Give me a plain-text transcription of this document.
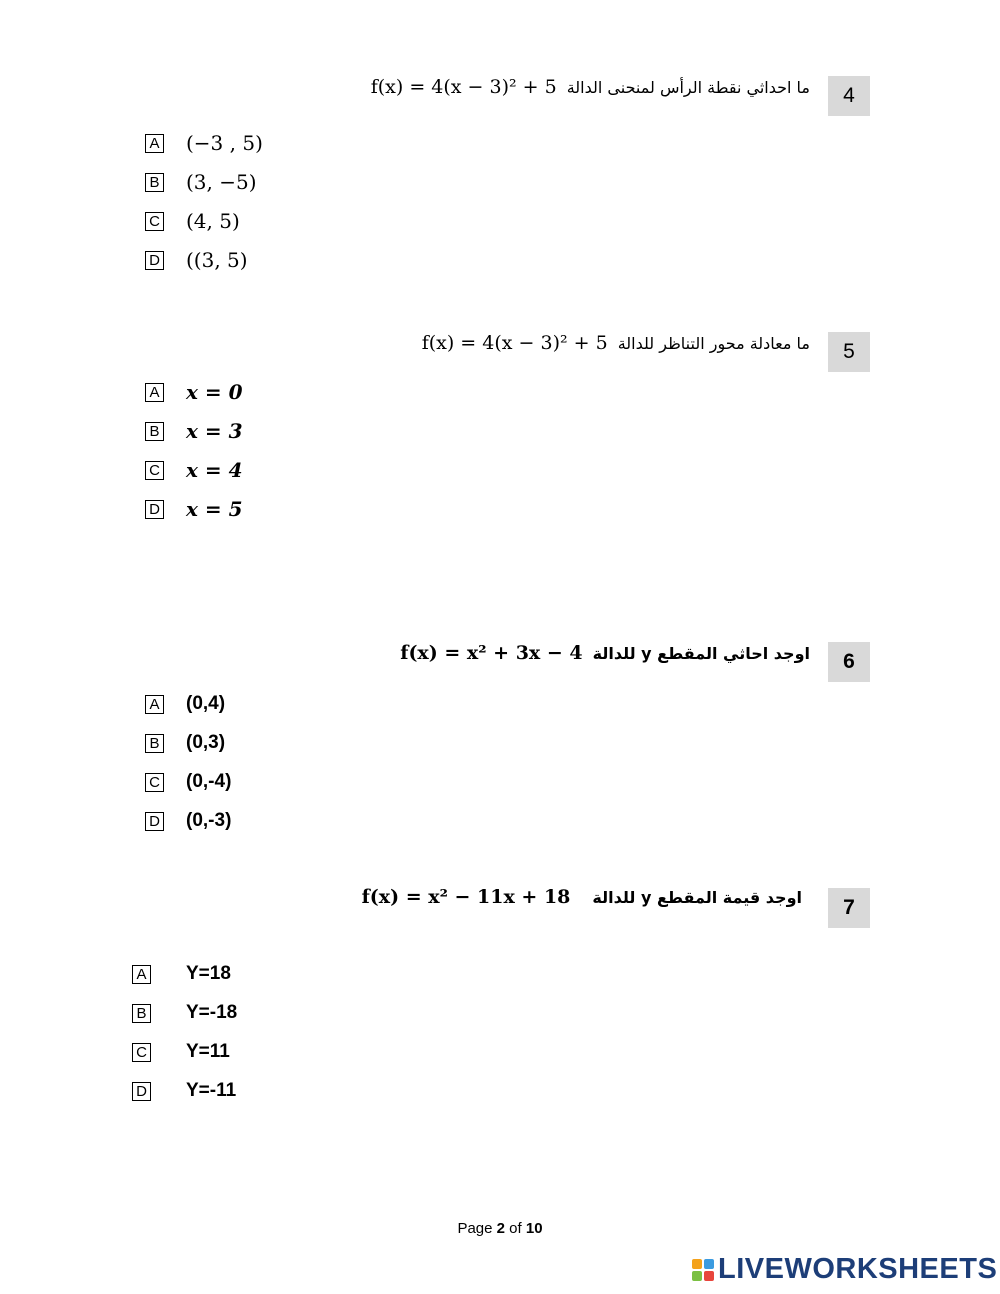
4
f(x) = 4(x − 3)² + 5 ما احداثي نقطة الرأس لمنحنى الدالة
A (−3 , 5)
B (3, −5)
C (4, 5)
D ((3, 5)
5
f(x) = 4(x − 3)² + 5 ما معادلة محور التناظر للدالة
A x = 0
B x = 3
C x = 4
D x = 5
6
f(x) = x² + 3x − 4 اوجد احاثي المقطع y للدالة
A (0,4)
B (0,3)
C (0,-4)
D (0,-3)
7
f(x) = x² − 11x + 18 اوجد قيمة المقطع y للدالة
A Y=18
B Y=-18
C Y=11
D Y=-11
Page 2 of 10
LIVEWORKSHEETS
